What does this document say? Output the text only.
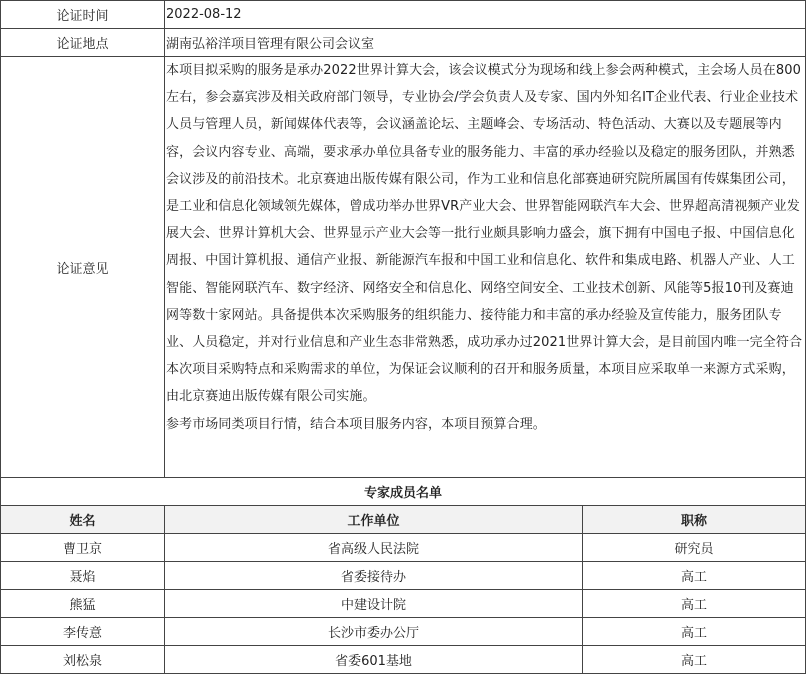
论证时间	2022-08-12	
论证地点	湖南弘裕洋项目管理有限公司会议室	
论证意见	本项目拟采购的服务是承办2022世界计算大会，该会议模式分为现场和线上参会两种模式，主会场人员在800左右，参会嘉宾涉及相关政府部门领导，专业协会/学会负责人及专家、国内外知名IT企业代表、行业企业技术人员与管理人员，新闻媒体代表等，会议涵盖论坛、主题峰会、专场活动、特色活动、大赛以及专题展等内容，会议内容专业、高端，要求承办单位具备专业的服务能力、丰富的承办经验以及稳定的服务团队，并熟悉会议涉及的前沿技术。北京赛迪出版传媒有限公司，作为工业和信息化部赛迪研究院所属国有传媒集团公司，是工业和信息化领域领先媒体，曾成功举办世界VR产业大会、世界智能网联汽车大会、世界超高清视频产业发展大会、世界计算机大会、世界显示产业大会等一批行业颇具影响力盛会，旗下拥有中国电子报、中国信息化周报、中国计算机报、通信产业报、新能源汽车报和中国工业和信息化、软件和集成电路、机器人产业、人工智能、智能网联汽车、数字经济、网络安全和信息化、网络空间安全、工业技术创新、风能等5报10刊及赛迪网等数十家网站。具备提供本次采购服务的组织能力、接待能力和丰富的承办经验及宣传能力，服务团队专业、人员稳定，并对行业信息和产业生态非常熟悉，成功承办过2021世界计算大会，是目前国内唯一完全符合本次项目采购特点和采购需求的单位，为保证会议顺利的召开和服务质量，本项目应采取单一来源方式采购，由北京赛迪出版传媒有限公司实施。

参考市场同类项目行情，结合本项目服务内容，本项目预算合理。	

专家成员名单		
姓名	工作单位	职称
曹卫京	省高级人民法院	研究员
聂焰	省委接待办	高工
熊猛	中建设计院	高工
李传意	长沙市委办公厅	高工
刘松泉	省委601基地	高工
